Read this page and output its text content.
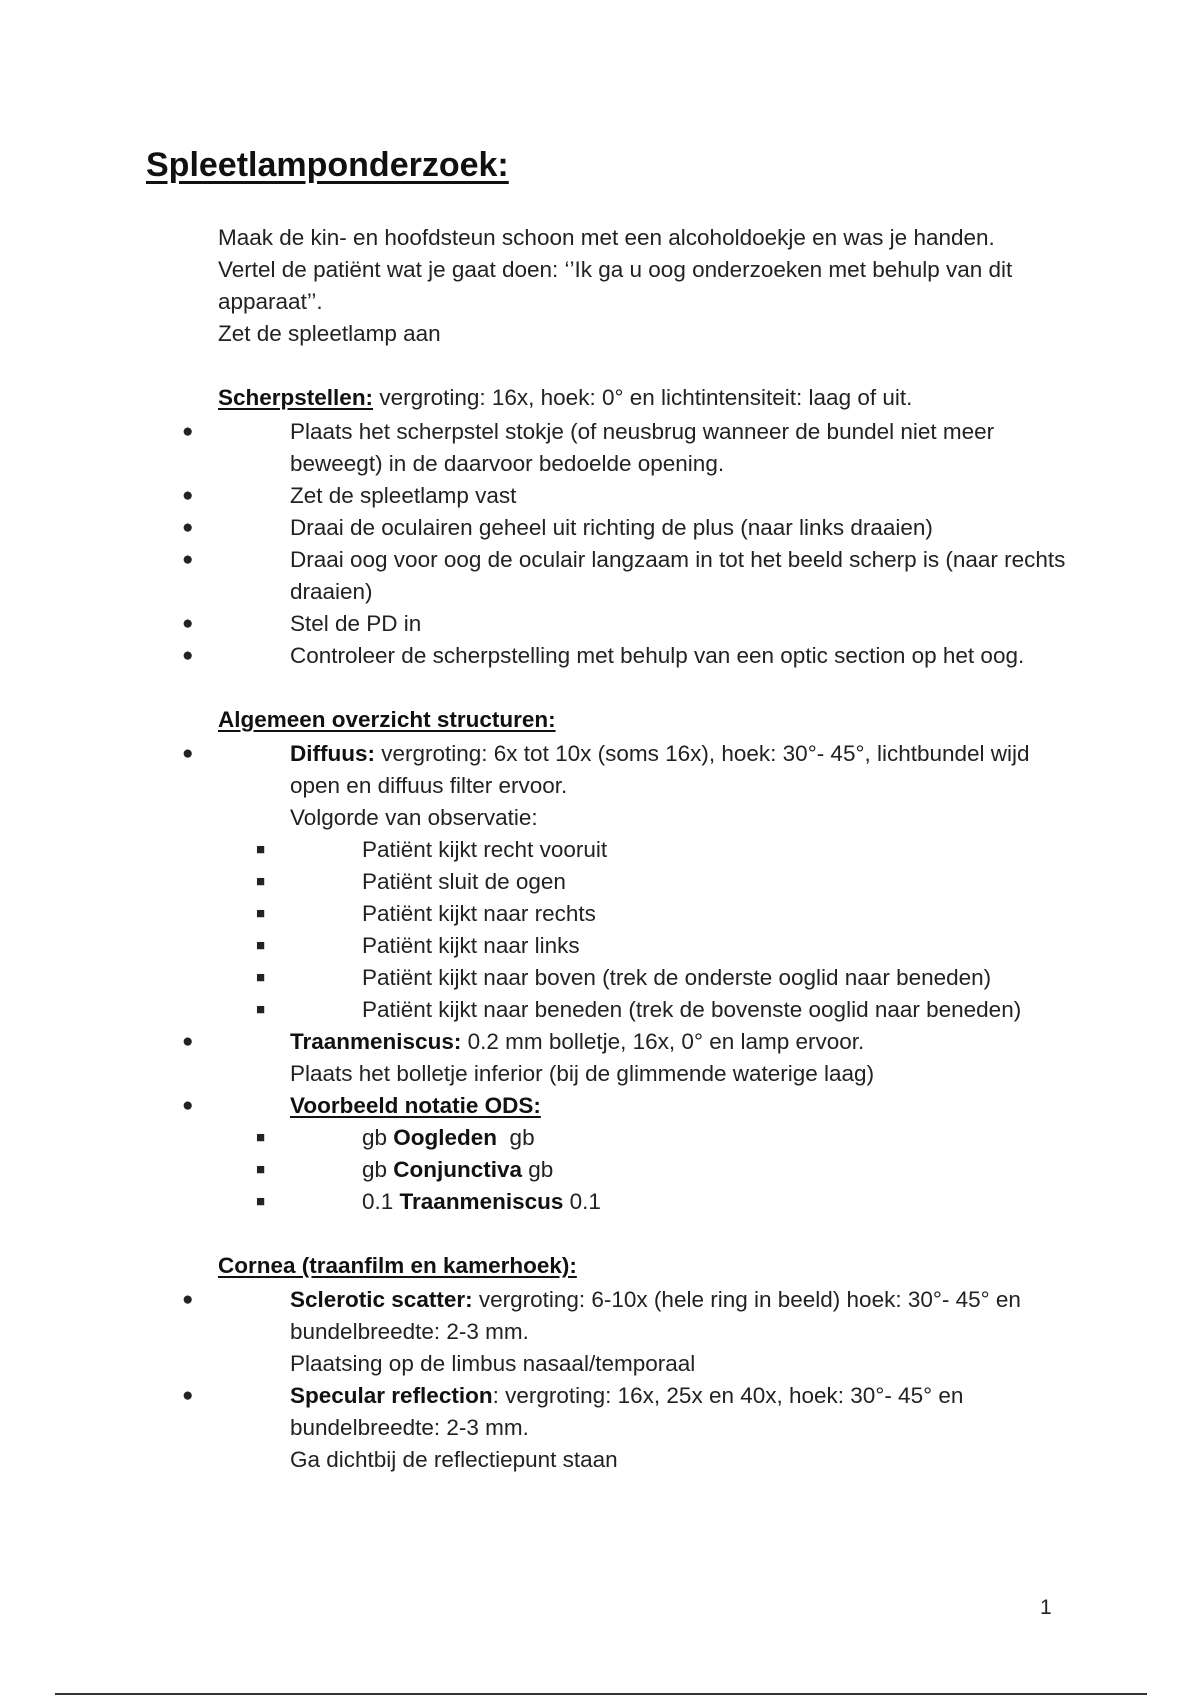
Spleetlamponderzoek:
Maak de kin- en hoofdsteun schoon met een alcoholdoekje en was je handen.
Vertel de patiënt wat je gaat doen: ‘’Ik ga u oog onderzoeken met behulp van dit apparaat’’.
Zet de spleetlamp aan
Scherpstellen: vergroting: 16x, hoek: 0° en lichtintensiteit: laag of uit.
●	Plaats het scherpstel stokje (of neusbrug wanneer de bundel niet meer beweegt) in de daarvoor bedoelde opening.
●	Zet de spleetlamp vast
●	Draai de oculairen geheel uit richting de plus (naar links draaien)
●	Draai oog voor oog de oculair langzaam in tot het beeld scherp is (naar rechts draaien)
●	Stel de PD in
●	Controleer de scherpstelling met behulp van een optic section op het oog.
Algemeen overzicht structuren:
●	Diffuus: vergroting: 6x tot 10x (soms 16x), hoek: 30°- 45°, lichtbundel wijd open en diffuus filter ervoor.
Volgorde van observatie:
■	Patiënt kijkt recht vooruit
■	Patiënt sluit de ogen
■	Patiënt kijkt naar rechts
■	Patiënt kijkt naar links
■	Patiënt kijkt naar boven (trek de onderste ooglid naar beneden)
■	Patiënt kijkt naar beneden (trek de bovenste ooglid naar beneden)
●	Traanmeniscus: 0.2 mm bolletje, 16x, 0° en lamp ervoor.
Plaats het bolletje inferior (bij de glimmende waterige laag)
●	Voorbeeld notatie ODS:
■	gb Oogleden  gb
■	gb Conjunctiva gb
■	0.1 Traanmeniscus 0.1
Cornea (traanfilm en kamerhoek):
●	Sclerotic scatter: vergroting: 6-10x (hele ring in beeld) hoek: 30°- 45° en bundelbreedte: 2-3 mm.
Plaatsing op de limbus nasaal/temporaal
●	Specular reflection: vergroting: 16x, 25x en 40x, hoek: 30°- 45° en bundelbreedte: 2-3 mm.
Ga dichtbij de reflectiepunt staan
1
